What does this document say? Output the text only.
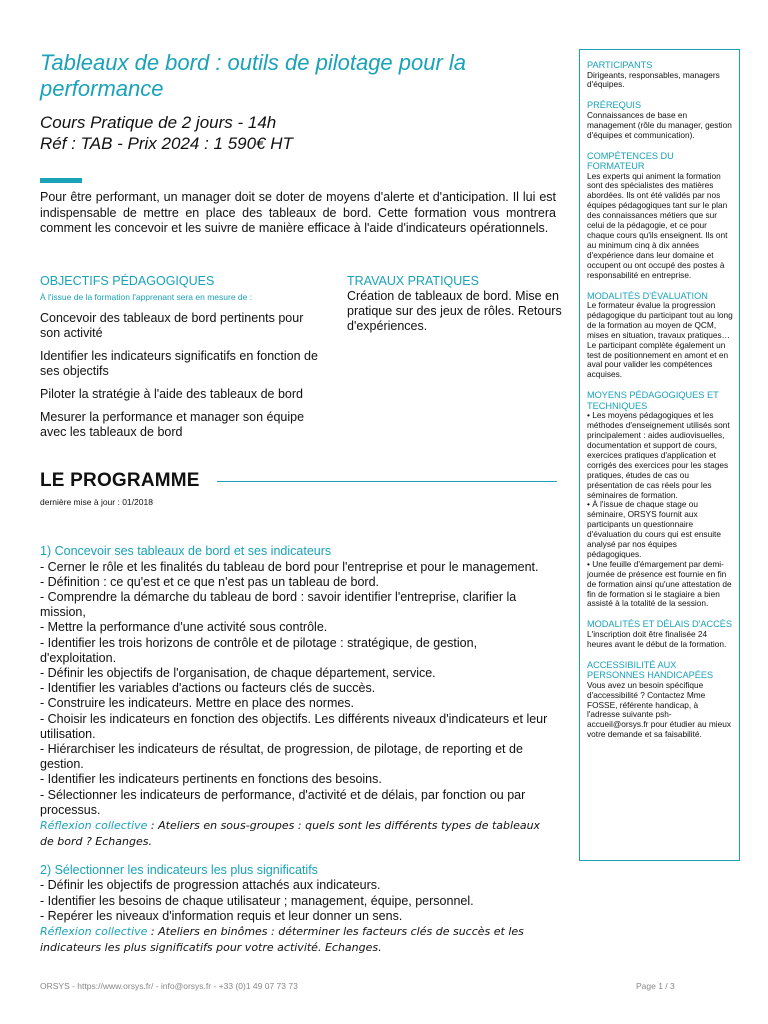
Tableaux de bord : outils de pilotage pour la performance
Cours Pratique de 2 jours - 14h
Réf : TAB - Prix 2024 : 1 590€ HT

Pour être performant, un manager doit se doter de moyens d'alerte et d'anticipation. Il lui est indispensable de mettre en place des tableaux de bord. Cette formation vous montrera comment les concevoir et les suivre de manière efficace à l'aide d'indicateurs opérationnels.

OBJECTIFS PÉDAGOGIQUES

À l'issue de la formation l'apprenant sera en mesure de :

Concevoir des tableaux de bord pertinents pour son activité

Identifier les indicateurs significatifs en fonction de ses objectifs

Piloter la stratégie à l'aide des tableaux de bord

Mesurer la performance et manager son équipe avec les tableaux de bord

TRAVAUX PRATIQUES

Création de tableaux de bord. Mise en pratique sur des jeux de rôles. Retours d'expériences.

LE PROGRAMME
dernière mise à jour : 01/2018

1) Concevoir ses tableaux de bord et ses indicateurs

- Cerner le rôle et les finalités du tableau de bord pour l'entreprise et pour le management.

- Définition : ce qu'est et ce que n'est pas un tableau de bord.

- Comprendre la démarche du tableau de bord : savoir identifier l'entreprise, clarifier la mission,

- Mettre la performance d'une activité sous contrôle.

- Identifier les trois horizons de contrôle et de pilotage : stratégique, de gestion, d'exploitation.

- Définir les objectifs de l'organisation, de chaque département, service.

- Identifier les variables d'actions ou facteurs clés de succès.

- Construire les indicateurs. Mettre en place des normes.

- Choisir les indicateurs en fonction des objectifs. Les différents niveaux d'indicateurs et leur utilisation.

- Hiérarchiser les indicateurs de résultat, de progression, de pilotage, de reporting et de gestion.

- Identifier les indicateurs pertinents en fonctions des besoins.

- Sélectionner les indicateurs de performance, d'activité et de délais, par fonction ou par processus.

Réflexion collective : Ateliers en sous-groupes : quels sont les différents types de tableaux de bord ? Echanges.

2) Sélectionner les indicateurs les plus significatifs

- Définir les objectifs de progression attachés aux indicateurs.

- Identifier les besoins de chaque utilisateur ; management, équipe, personnel.

- Repérer les niveaux d'information requis et leur donner un sens.

Réflexion collective : Ateliers en binômes : déterminer les facteurs clés de succès et les indicateurs les plus significatifs pour votre activité. Echanges.

PARTICIPANTS

Dirigeants, responsables, managers d'équipes.

PRÉREQUIS

Connaissances de base en management (rôle du manager, gestion d'équipes et communication).

COMPÉTENCES DU FORMATEUR

Les experts qui animent la formation sont des spécialistes des matières abordées. Ils ont été validés par nos équipes pédagogiques tant sur le plan des connaissances métiers que sur celui de la pédagogie, et ce pour chaque cours qu'ils enseignent. Ils ont au minimum cinq à dix années d'expérience dans leur domaine et occupent ou ont occupé des postes à responsabilité en entreprise.

MODALITÉS D'ÉVALUATION

Le formateur évalue la progression pédagogique du participant tout au long de la formation au moyen de QCM, mises en situation, travaux pratiques…

Le participant complète également un test de positionnement en amont et en aval pour valider les compétences acquises.

MOYENS PÉDAGOGIQUES ET TECHNIQUES

• Les moyens pédagogiques et les méthodes d'enseignement utilisés sont principalement : aides audiovisuelles, documentation et support de cours, exercices pratiques d'application et corrigés des exercices pour les stages pratiques, études de cas ou présentation de cas réels pour les séminaires de formation.

• À l'issue de chaque stage ou séminaire, ORSYS fournit aux participants un questionnaire d'évaluation du cours qui est ensuite analysé par nos équipes pédagogiques.

• Une feuille d'émargement par demi-journée de présence est fournie en fin de formation ainsi qu'une attestation de fin de formation si le stagiaire a bien assisté à la totalité de la session.

MODALITÉS ET DÉLAIS D'ACCÈS

L'inscription doit être finalisée 24 heures avant le début de la formation.

ACCESSIBILITÉ AUX PERSONNES HANDICAPÉES

Vous avez un besoin spécifique d'accessibilité ? Contactez Mme FOSSE, référente handicap, à l'adresse suivante psh-accueil@orsys.fr pour étudier au mieux votre demande et sa faisabilité.

ORSYS - https://www.orsys.fr/ - info@orsys.fr - +33 (0)1 49 07 73 73	Page 1 / 3
